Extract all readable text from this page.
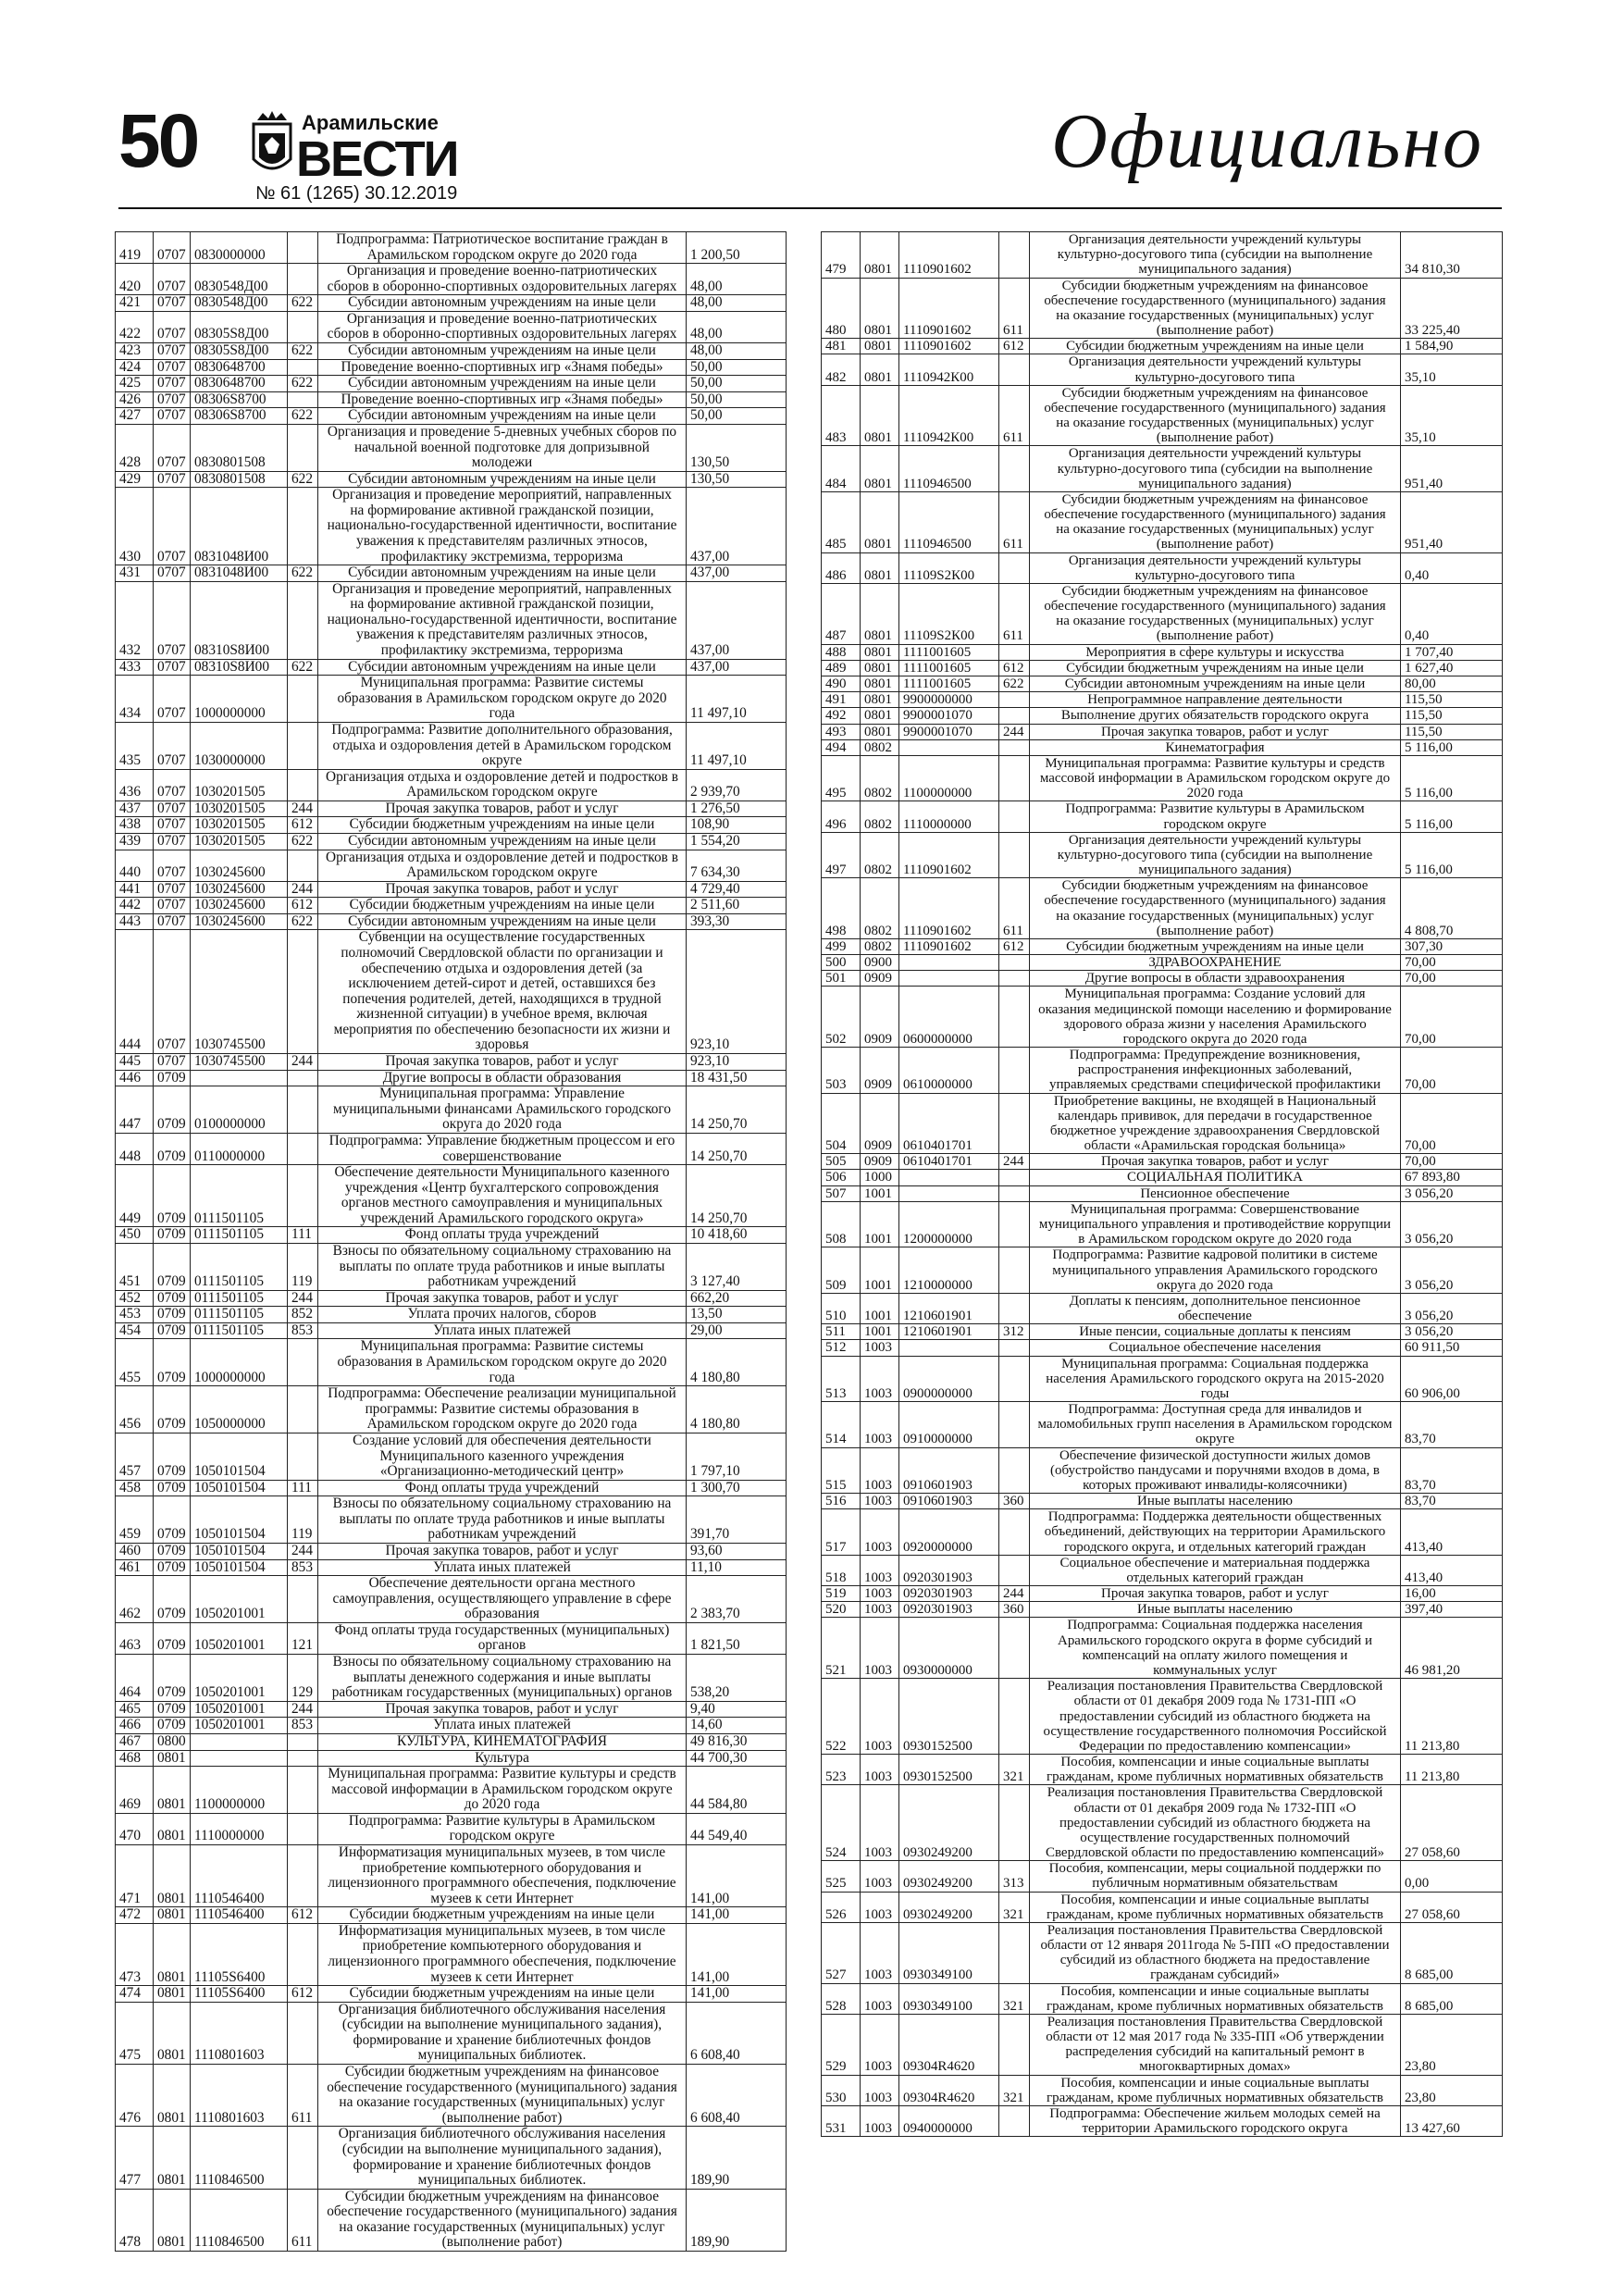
50	Арамильские
ВЕСТИ
№ 61 (1265) 30.12.2019
Официально
419	0707	0830000000		Подпрограмма: Патриотическое воспитание граждан в Арамильском городском округе до 2020 года	1 200,50
420	0707	0830548Д00		Организация и проведение военно-патриотических сборов в оборонно-спортивных оздоровительных лагерях	48,00
421	0707	0830548Д00	622	Субсидии автономным учреждениям на иные цели	48,00
422	0707	08305S8Д00		Организация и проведение военно-патриотических сборов в оборонно-спортивных оздоровительных лагерях	48,00
423	0707	08305S8Д00	622	Субсидии автономным учреждениям на иные цели	48,00
424	0707	0830648700		Проведение военно-спортивных игр «Знамя победы»	50,00
425	0707	0830648700	622	Субсидии автономным учреждениям на иные цели	50,00
426	0707	08306S8700		Проведение военно-спортивных игр «Знамя победы»	50,00
427	0707	08306S8700	622	Субсидии автономным учреждениям на иные цели	50,00
428	0707	0830801508		Организация и проведение 5-дневных учебных сборов по начальной военной подготовке для допризывной молодежи	130,50
429	0707	0830801508	622	Субсидии автономным учреждениям на иные цели	130,50
430	0707	0831048И00		Организация и проведение мероприятий, направленных на формирование активной гражданской позиции, национально-государственной идентичности, воспитание уважения к представителям различных этносов, профилактику экстремизма, терроризма	437,00
431	0707	0831048И00	622	Субсидии автономным учреждениям на иные цели	437,00
432	0707	08310S8И00		Организация и проведение мероприятий, направленных на формирование активной гражданской позиции, национально-государственной идентичности, воспитание уважения к представителям различных этносов, профилактику экстремизма, терроризма	437,00
433	0707	08310S8И00	622	Субсидии автономным учреждениям на иные цели	437,00
434	0707	1000000000		Муниципальная программа: Развитие системы образования в Арамильском городском округе до 2020 года	11 497,10
435	0707	1030000000		Подпрограмма: Развитие дополнительного образования, отдыха и оздоровления детей в Арамильском городском округе	11 497,10
436	0707	1030201505		Организация отдыха и оздоровление детей и подростков в Арамильском городском округе	2 939,70
437	0707	1030201505	244	Прочая закупка товаров, работ и услуг	1 276,50
438	0707	1030201505	612	Субсидии бюджетным учреждениям на иные цели	108,90
439	0707	1030201505	622	Субсидии автономным учреждениям на иные цели	1 554,20
440	0707	1030245600		Организация отдыха и оздоровление детей и подростков в Арамильском городском округе	7 634,30
441	0707	1030245600	244	Прочая закупка товаров, работ и услуг	4 729,40
442	0707	1030245600	612	Субсидии бюджетным учреждениям на иные цели	2 511,60
443	0707	1030245600	622	Субсидии автономным учреждениям на иные цели	393,30
444	0707	1030745500		Субвенции на осуществление государственных полномочий Свердловской области по организации и обеспечению отдыха и оздоровления детей (за исключением детей-сирот и детей, оставшихся без попечения родителей, детей, находящихся в трудной жизненной ситуации) в учебное время, включая мероприятия по обеспечению безопасности их жизни и здоровья	923,10
445	0707	1030745500	244	Прочая закупка товаров, работ и услуг	923,10
446	0709			Другие вопросы в области образования	18 431,50
447	0709	0100000000		Муниципальная программа: Управление муниципальными финансами Арамильского городского округа до 2020 года	14 250,70
448	0709	0110000000		Подпрограмма: Управление бюджетным процессом и его совершенствование	14 250,70
449	0709	0111501105		Обеспечение деятельности Муниципального казенного учреждения «Центр бухгалтерского сопровождения органов местного самоуправления и муниципальных учреждений Арамильского городского округа»	14 250,70
450	0709	0111501105	111	Фонд оплаты труда учреждений	10 418,60
451	0709	0111501105	119	Взносы по обязательному социальному страхованию на выплаты по оплате труда работников и иные выплаты работникам учреждений	3 127,40
452	0709	0111501105	244	Прочая закупка товаров, работ и услуг	662,20
453	0709	0111501105	852	Уплата прочих налогов, сборов	13,50
454	0709	0111501105	853	Уплата иных платежей	29,00
455	0709	1000000000		Муниципальная программа: Развитие системы образования в Арамильском городском округе до 2020 года	4 180,80
456	0709	1050000000		Подпрограмма: Обеспечение реализации муниципальной программы: Развитие системы образования в Арамильском городском округе до 2020 года	4 180,80
457	0709	1050101504		Создание условий для обеспечения деятельности Муниципального казенного учреждения «Организационно-методический центр»	1 797,10
458	0709	1050101504	111	Фонд оплаты труда учреждений	1 300,70
459	0709	1050101504	119	Взносы по обязательному социальному страхованию на выплаты по оплате труда работников и иные выплаты работникам учреждений	391,70
460	0709	1050101504	244	Прочая закупка товаров, работ и услуг	93,60
461	0709	1050101504	853	Уплата иных платежей	11,10
462	0709	1050201001		Обеспечение деятельности органа местного самоуправления, осуществляющего управление в сфере образования	2 383,70
463	0709	1050201001	121	Фонд оплаты труда государственных (муниципальных) органов	1 821,50
464	0709	1050201001	129	Взносы по обязательному социальному страхованию на выплаты денежного содержания и иные выплаты работникам государственных (муниципальных) органов	538,20
465	0709	1050201001	244	Прочая закупка товаров, работ и услуг	9,40
466	0709	1050201001	853	Уплата иных платежей	14,60
467	0800			КУЛЬТУРА, КИНЕМАТОГРАФИЯ	49 816,30
468	0801			Культура	44 700,30
469	0801	1100000000		Муниципальная программа: Развитие культуры и средств массовой информации в Арамильском городском округе до 2020 года	44 584,80
470	0801	1110000000		Подпрограмма: Развитие культуры в Арамильском городском округе	44 549,40
471	0801	1110546400		Информатизация муниципальных музеев, в том числе приобретение компьютерного оборудования и лицензионного программного обеспечения, подключение музеев к сети Интернет	141,00
472	0801	1110546400	612	Субсидии бюджетным учреждениям на иные цели	141,00
473	0801	11105S6400		Информатизация муниципальных музеев, в том числе приобретение компьютерного оборудования и лицензионного программного обеспечения, подключение музеев к сети Интернет	141,00
474	0801	11105S6400	612	Субсидии бюджетным учреждениям на иные цели	141,00
475	0801	1110801603		Организация библиотечного обслуживания населения (субсидии на выполнение муниципального задания), формирование и хранение библиотечных фондов муниципальных библиотек.	6 608,40
476	0801	1110801603	611	Субсидии бюджетным учреждениям на финансовое обеспечение государственного (муниципального) задания на оказание государственных (муниципальных) услуг (выполнение работ)	6 608,40
477	0801	1110846500		Организация библиотечного обслуживания населения (субсидии на выполнение муниципального задания), формирование и хранение библиотечных фондов муниципальных библиотек.	189,90
478	0801	1110846500	611	Субсидии бюджетным учреждениям на финансовое обеспечение государственного (муниципального) задания на оказание государственных (муниципальных) услуг (выполнение работ)	189,90
479	0801	1110901602		Организация деятельности учреждений культуры культурно-досугового типа (субсидии на выполнение муниципального задания)	34 810,30
480	0801	1110901602	611	Субсидии бюджетным учреждениям на финансовое обеспечение государственного (муниципального) задания на оказание государственных (муниципальных) услуг (выполнение работ)	33 225,40
481	0801	1110901602	612	Субсидии бюджетным учреждениям на иные цели	1 584,90
482	0801	1110942К00		Организация деятельности учреждений культуры культурно-досугового типа	35,10
483	0801	1110942К00	611	Субсидии бюджетным учреждениям на финансовое обеспечение государственного (муниципального) задания на оказание государственных (муниципальных) услуг (выполнение работ)	35,10
484	0801	1110946500		Организация деятельности учреждений культуры культурно-досугового типа (субсидии на выполнение муниципального задания)	951,40
485	0801	1110946500	611	Субсидии бюджетным учреждениям на финансовое обеспечение государственного (муниципального) задания на оказание государственных (муниципальных) услуг (выполнение работ)	951,40
486	0801	11109S2К00		Организация деятельности учреждений культуры культурно-досугового типа	0,40
487	0801	11109S2К00	611	Субсидии бюджетным учреждениям на финансовое обеспечение государственного (муниципального) задания на оказание государственных (муниципальных) услуг (выполнение работ)	0,40
488	0801	1111001605		Мероприятия в сфере культуры и искусства	1 707,40
489	0801	1111001605	612	Субсидии бюджетным учреждениям на иные цели	1 627,40
490	0801	1111001605	622	Субсидии автономным учреждениям на иные цели	80,00
491	0801	9900000000		Непрограммное направление деятельности	115,50
492	0801	9900001070		Выполнение других обязательств городского округа	115,50
493	0801	9900001070	244	Прочая закупка товаров, работ и услуг	115,50
494	0802			Кинематография	5 116,00
495	0802	1100000000		Муниципальная программа: Развитие культуры и средств массовой информации в Арамильском городском округе до 2020 года	5 116,00
496	0802	1110000000		Подпрограмма: Развитие культуры в Арамильском городском округе	5 116,00
497	0802	1110901602		Организация деятельности учреждений культуры культурно-досугового типа (субсидии на выполнение муниципального задания)	5 116,00
498	0802	1110901602	611	Субсидии бюджетным учреждениям на финансовое обеспечение государственного (муниципального) задания на оказание государственных (муниципальных) услуг (выполнение работ)	4 808,70
499	0802	1110901602	612	Субсидии бюджетным учреждениям на иные цели	307,30
500	0900			ЗДРАВООХРАНЕНИЕ	70,00
501	0909			Другие вопросы в области здравоохранения	70,00
502	0909	0600000000		Муниципальная программа: Создание условий для оказания медицинской помощи населению и формирование здорового образа жизни у населения Арамильского городского округа до 2020 года	70,00
503	0909	0610000000		Подпрограмма: Предупреждение возникновения, распространения инфекционных заболеваний, управляемых средствами специфической профилактики	70,00
504	0909	0610401701		Приобретение вакцины, не входящей в Национальный календарь прививок, для передачи в государственное бюджетное учреждение здравоохранения Свердловской области «Арамильская городская больница»	70,00
505	0909	0610401701	244	Прочая закупка товаров, работ и услуг	70,00
506	1000			СОЦИАЛЬНАЯ ПОЛИТИКА	67 893,80
507	1001			Пенсионное обеспечение	3 056,20
508	1001	1200000000		Муниципальная программа: Совершенствование муниципального управления и противодействие коррупции в Арамильском городском округе до 2020 года	3 056,20
509	1001	1210000000		Подпрограмма: Развитие кадровой политики в системе муниципального управления Арамильского городского округа до 2020 года	3 056,20
510	1001	1210601901		Доплаты к пенсиям, дополнительное пенсионное обеспечение	3 056,20
511	1001	1210601901	312	Иные пенсии, социальные доплаты к пенсиям	3 056,20
512	1003			Социальное обеспечение населения	60 911,50
513	1003	0900000000		Муниципальная программа: Социальная поддержка населения Арамильского городского округа на 2015-2020 годы	60 906,00
514	1003	0910000000		Подпрограмма: Доступная среда для инвалидов и маломобильных групп населения в Арамильском городском округе	83,70
515	1003	0910601903		Обеспечение физической доступности жилых домов (обустройство пандусами и поручнями входов в дома, в которых проживают инвалиды-колясочники)	83,70
516	1003	0910601903	360	Иные выплаты населению	83,70
517	1003	0920000000		Подпрограмма: Поддержка деятельности общественных объединений, действующих на территории Арамильского городского округа, и отдельных категорий граждан	413,40
518	1003	0920301903		Социальное обеспечение и материальная поддержка отдельных категорий граждан	413,40
519	1003	0920301903	244	Прочая закупка товаров, работ и услуг	16,00
520	1003	0920301903	360	Иные выплаты населению	397,40
521	1003	0930000000		Подпрограмма: Социальная поддержка населения Арамильского городского округа в форме субсидий и компенсаций на оплату жилого помещения и коммунальных услуг	46 981,20
522	1003	0930152500		Реализация постановления Правительства Свердловской области от 01 декабря 2009 года № 1731-ПП «О предоставлении субсидий из областного бюджета на осуществление государственного полномочия Российской Федерации по предоставлению компенсации»	11 213,80
523	1003	0930152500	321	Пособия, компенсации и иные социальные выплаты гражданам, кроме публичных нормативных обязательств	11 213,80
524	1003	0930249200		Реализация постановления Правительства Свердловской области от 01 декабря 2009 года № 1732-ПП «О предоставлении субсидий из областного бюджета на осуществление государственных полномочий Свердловской области по предоставлению компенсаций»	27 058,60
525	1003	0930249200	313	Пособия, компенсации, меры социальной поддержки по публичным нормативным обязательствам	0,00
526	1003	0930249200	321	Пособия, компенсации и иные социальные выплаты гражданам, кроме публичных нормативных обязательств	27 058,60
527	1003	0930349100		Реализация постановления Правительства Свердловской области от 12 января 2011года № 5-ПП «О предоставлении субсидий из областного бюджета на предоставление гражданам субсидий»	8 685,00
528	1003	0930349100	321	Пособия, компенсации и иные социальные выплаты гражданам, кроме публичных нормативных обязательств	8 685,00
529	1003	09304R4620		Реализация постановления Правительства Свердловской области от 12 мая 2017 года № 335-ПП «Об утверждении распределения субсидий на капитальный ремонт в многоквартирных домах»	23,80
530	1003	09304R4620	321	Пособия, компенсации и иные социальные выплаты гражданам, кроме публичных нормативных обязательств	23,80
531	1003	0940000000		Подпрограмма: Обеспечение жильем молодых семей на территории Арамильского городского округа	13 427,60
